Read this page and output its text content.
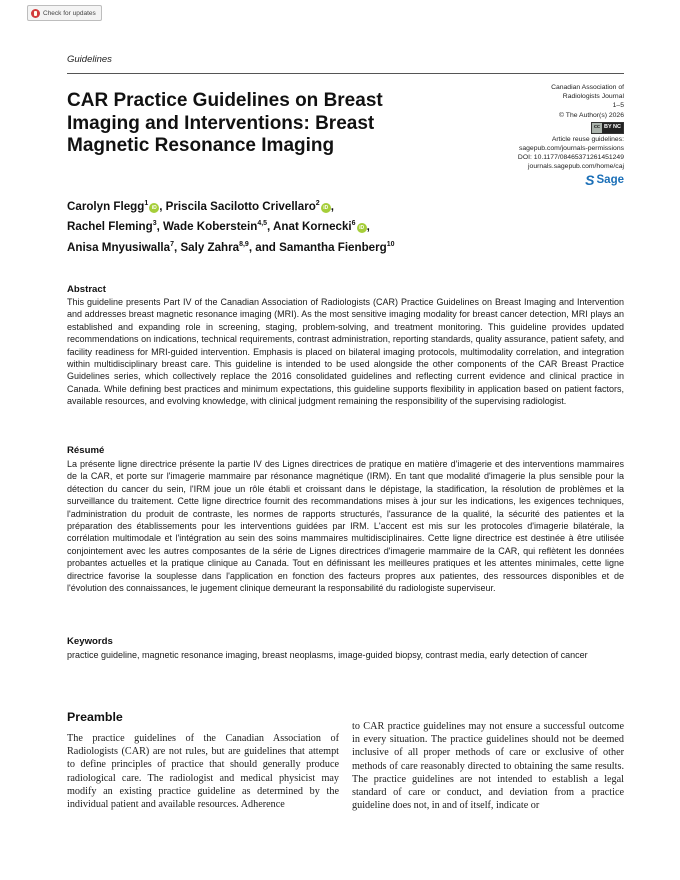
Check for updates
Guidelines
CAR Practice Guidelines on Breast Imaging and Interventions: Breast Magnetic Resonance Imaging
Canadian Association of
Radiologists Journal
1–5
© The Author(s) 2026
cc BY NC
Article reuse guidelines:
sagepub.com/journals-permissions
DOI: 10.1177/08465371261451249
journals.sagepub.com/home/caj
S Sage
Carolyn Flegg$^1$iD , Priscila Sacilotto Crivellaro$^2$iD ,
Rachel Fleming$^3$, Wade Koberstein$^{4,5}$, Anat Kornecki$^6$iD ,
Anisa Mnyusiwalla$^7$, Saly Zahra$^{8,9}$, and Samantha Fienberg$^{10}$
Abstract
This guideline presents Part IV of the Canadian Association of Radiologists (CAR) Practice Guidelines on Breast Imaging and Intervention and addresses breast magnetic resonance imaging (MRI). As the most sensitive imaging modality for breast cancer detection, MRI plays an established and expanding role in screening, staging, problem-solving, and treatment monitoring. This guideline provides updated recommendations on indications, technical requirements, contrast administration, reporting standards, quality assurance, patient safety, and facility readiness for MRI-guided intervention. Emphasis is placed on bilateral imaging protocols, multimodality correlation, and integration within multidisciplinary breast care. This guideline is intended to be used alongside the other components of the CAR Breast Practice Guidelines series, which collectively replace the 2016 consolidated guidelines and reflecting current evidence and clinical practice in Canada. While defining best practices and minimum expectations, this guideline supports flexibility in application based on patient factors, available resources, and evolving knowledge, with clinical judgment remaining the responsibility of the supervising radiologist.
Résumé
La présente ligne directrice présente la partie IV des Lignes directrices de pratique en matière d'imagerie et des interventions mammaires de la CAR, et porte sur l'imagerie mammaire par résonance magnétique (IRM). En tant que modalité d'imagerie la plus sensible pour la détection du cancer du sein, l'IRM joue un rôle établi et croissant dans le dépistage, la stadification, la résolution de problèmes et la surveillance du traitement. Cette ligne directrice fournit des recommandations mises à jour sur les indications, les exigences techniques, l'administration du produit de contraste, les normes de rapports structurés, l'assurance de la qualité, la sécurité des patientes et la préparation des établissements pour les interventions guidées par IRM. L'accent est mis sur les protocoles d'imagerie bilatérale, la corrélation multimodale et l'intégration au sein des soins mammaires multidisciplinaires. Cette ligne directrice est destinée à être utilisée conjointement avec les autres composantes de la série de Lignes directrices d'imagerie mammaire de la CAR, qui reflètent les données probantes actuelles et la pratique clinique au Canada. Tout en définissant les meilleures pratiques et les attentes minimales, cette ligne directrice favorise la souplesse dans l'application en fonction des facteurs propres aux patientes, des ressources disponibles et de l'évolution des connaissances, le jugement clinique demeurant la responsabilité du radiologiste superviseur.
Keywords
practice guideline, magnetic resonance imaging, breast neoplasms, image-guided biopsy, contrast media, early detection of cancer
Preamble
The practice guidelines of the Canadian Association of Radiologists (CAR) are not rules, but are guidelines that attempt to define principles of practice that should generally produce radiological care. The radiologist and medical physicist may modify an existing practice guideline as determined by the individual patient and available resources. Adherence
to CAR practice guidelines may not ensure a successful outcome in every situation. The practice guidelines should not be deemed inclusive of all proper methods of care or exclusive of other methods of care reasonably directed to obtaining the same results. The practice guidelines are not intended to establish a legal standard of care or conduct, and deviation from a practice guideline does not, in and of itself, indicate or
